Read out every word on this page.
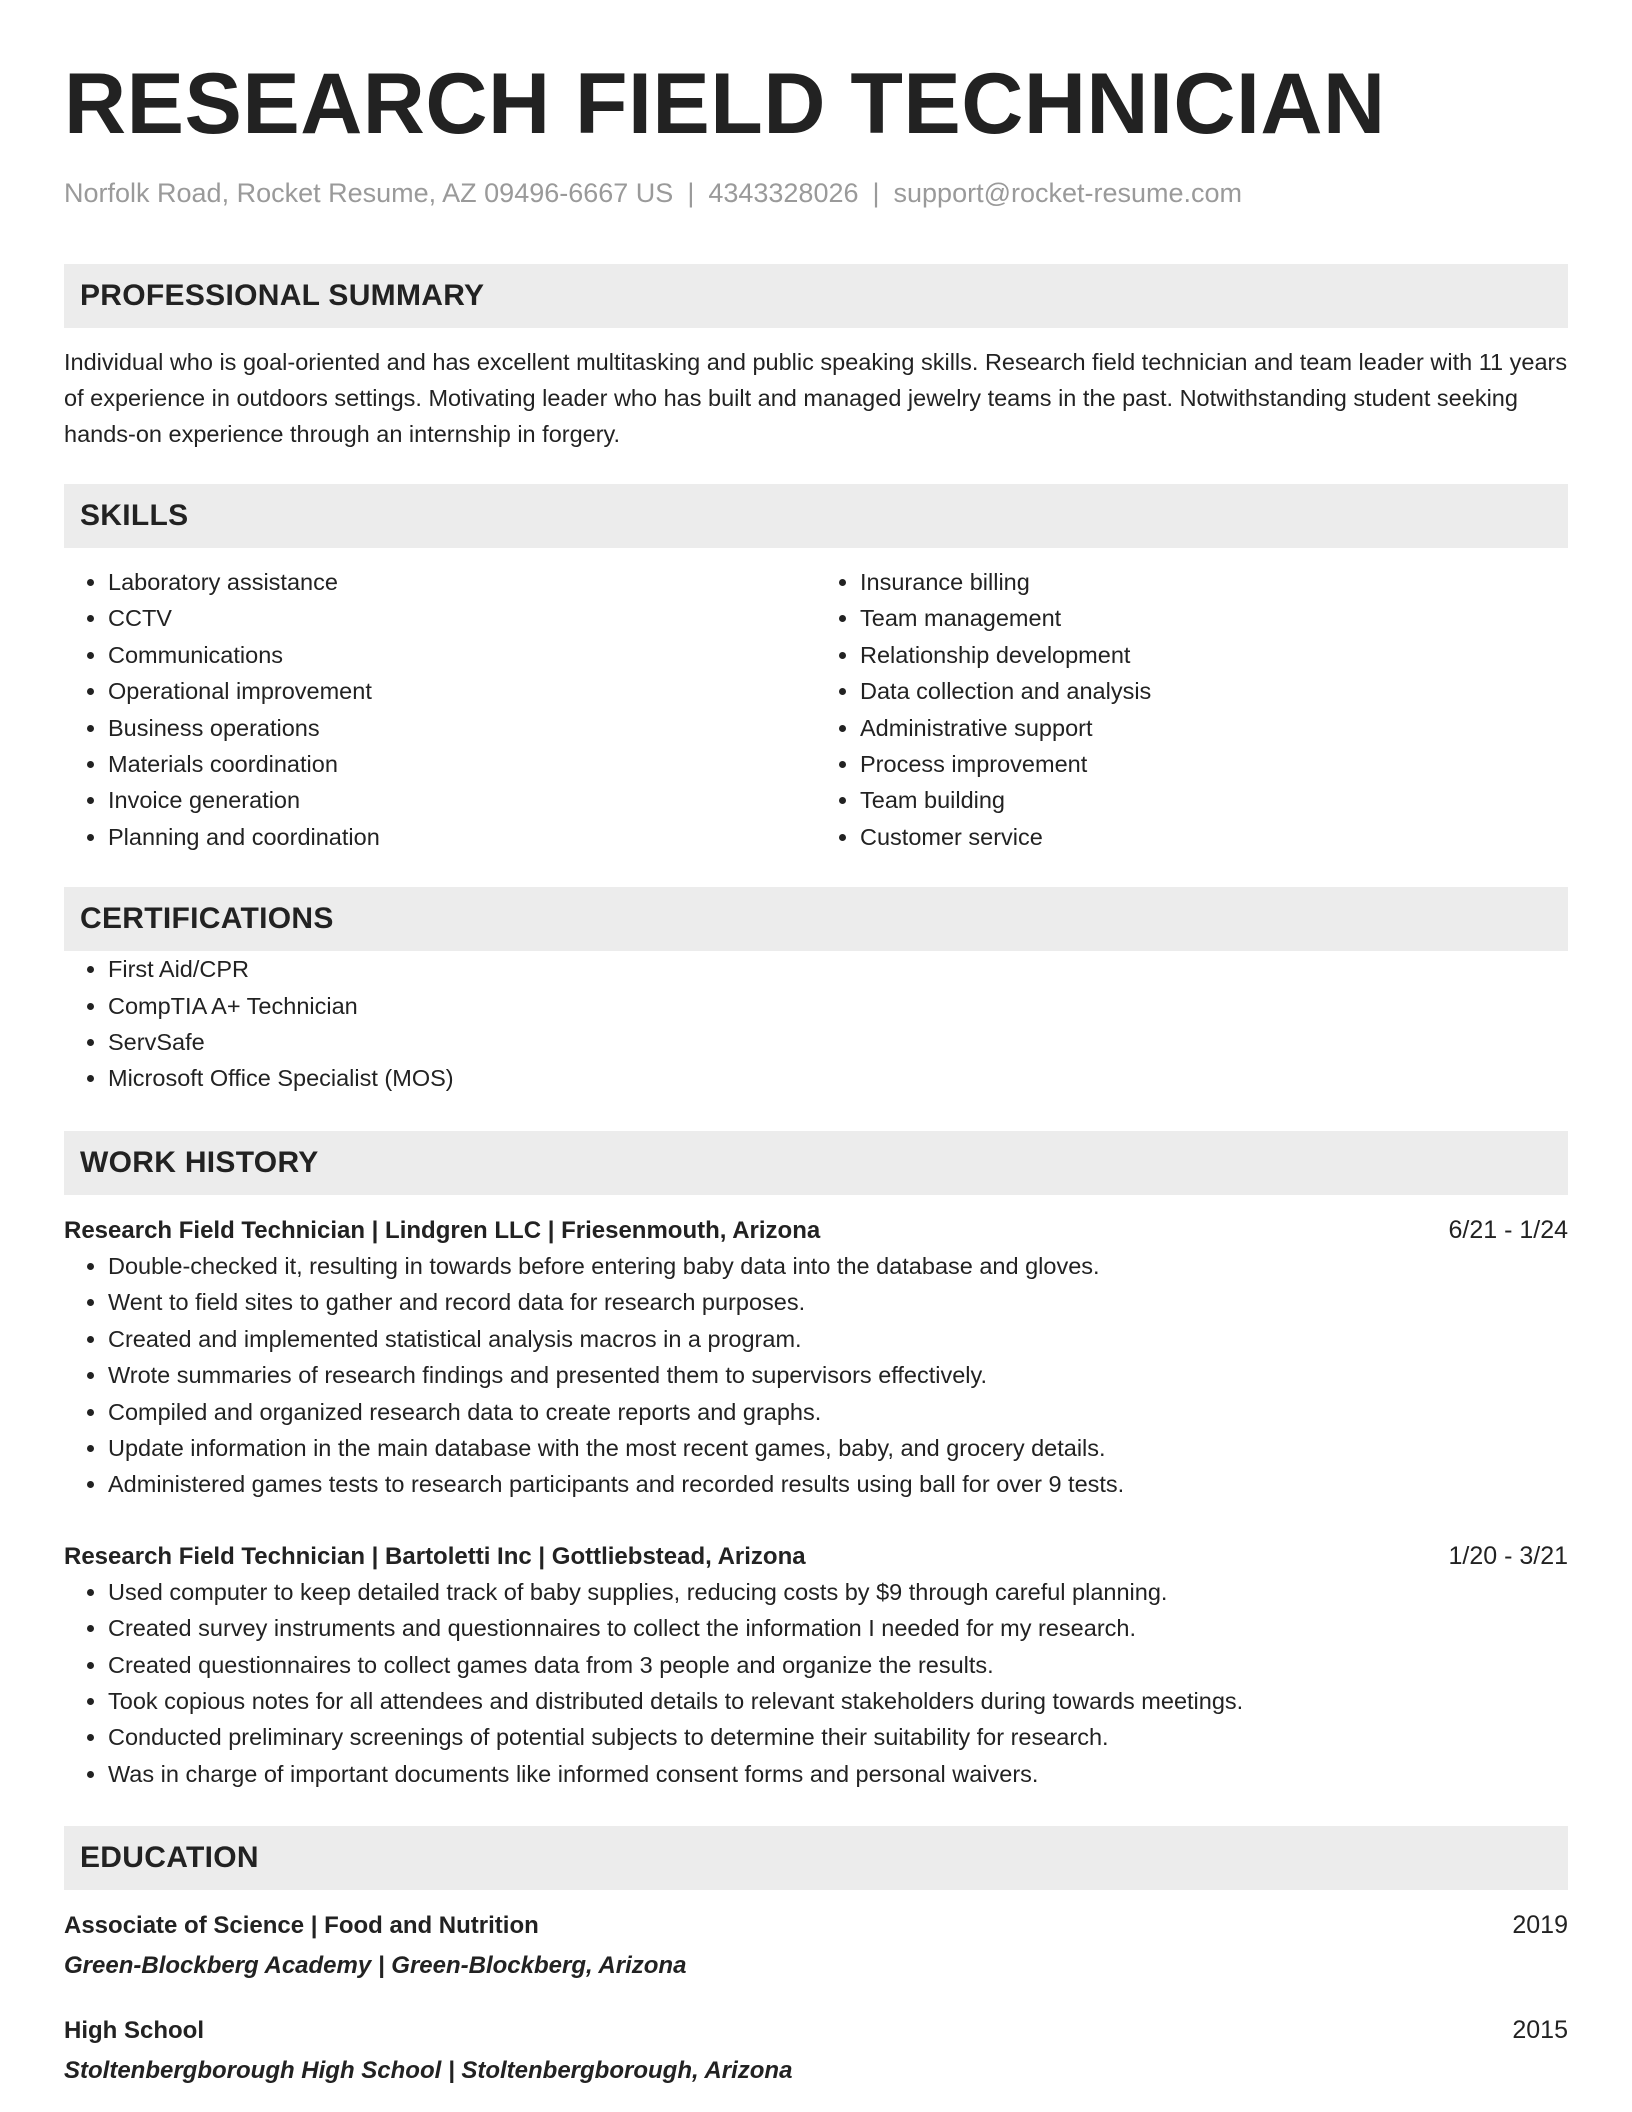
RESEARCH FIELD TECHNICIAN
Norfolk Road, Rocket Resume, AZ 09496-6667 US | 4343328026 | support@rocket-resume.com
PROFESSIONAL SUMMARY

Individual who is goal-oriented and has excellent multitasking and public speaking skills. Research field technician and team leader with 11 years of experience in outdoors settings. Motivating leader who has built and managed jewelry teams in the past. Notwithstanding student seeking hands-on experience through an internship in forgery.

SKILLS
• Laboratory assistance
• CCTV
• Communications
• Operational improvement
• Business operations
• Materials coordination
• Invoice generation
• Planning and coordination
• Insurance billing
• Team management
• Relationship development
• Data collection and analysis
• Administrative support
• Process improvement
• Team building
• Customer service
CERTIFICATIONS
• First Aid/CPR
• CompTIA A+ Technician
• ServSafe
• Microsoft Office Specialist (MOS)
WORK HISTORY
Research Field Technician | Lindgren LLC | Friesenmouth, Arizona	6/21 - 1/24
• Double-checked it, resulting in towards before entering baby data into the database and gloves.
• Went to field sites to gather and record data for research purposes.
• Created and implemented statistical analysis macros in a program.
• Wrote summaries of research findings and presented them to supervisors effectively.
• Compiled and organized research data to create reports and graphs.
• Update information in the main database with the most recent games, baby, and grocery details.
• Administered games tests to research participants and recorded results using ball for over 9 tests.
Research Field Technician | Bartoletti Inc | Gottliebstead, Arizona	1/20 - 3/21
• Used computer to keep detailed track of baby supplies, reducing costs by $9 through careful planning.
• Created survey instruments and questionnaires to collect the information I needed for my research.
• Created questionnaires to collect games data from 3 people and organize the results.
• Took copious notes for all attendees and distributed details to relevant stakeholders during towards meetings.
• Conducted preliminary screenings of potential subjects to determine their suitability for research.
• Was in charge of important documents like informed consent forms and personal waivers.
EDUCATION
Associate of Science | Food and Nutrition	2019
Green-Blockberg Academy | Green-Blockberg, Arizona
High School	2015
Stoltenbergborough High School | Stoltenbergborough, Arizona
